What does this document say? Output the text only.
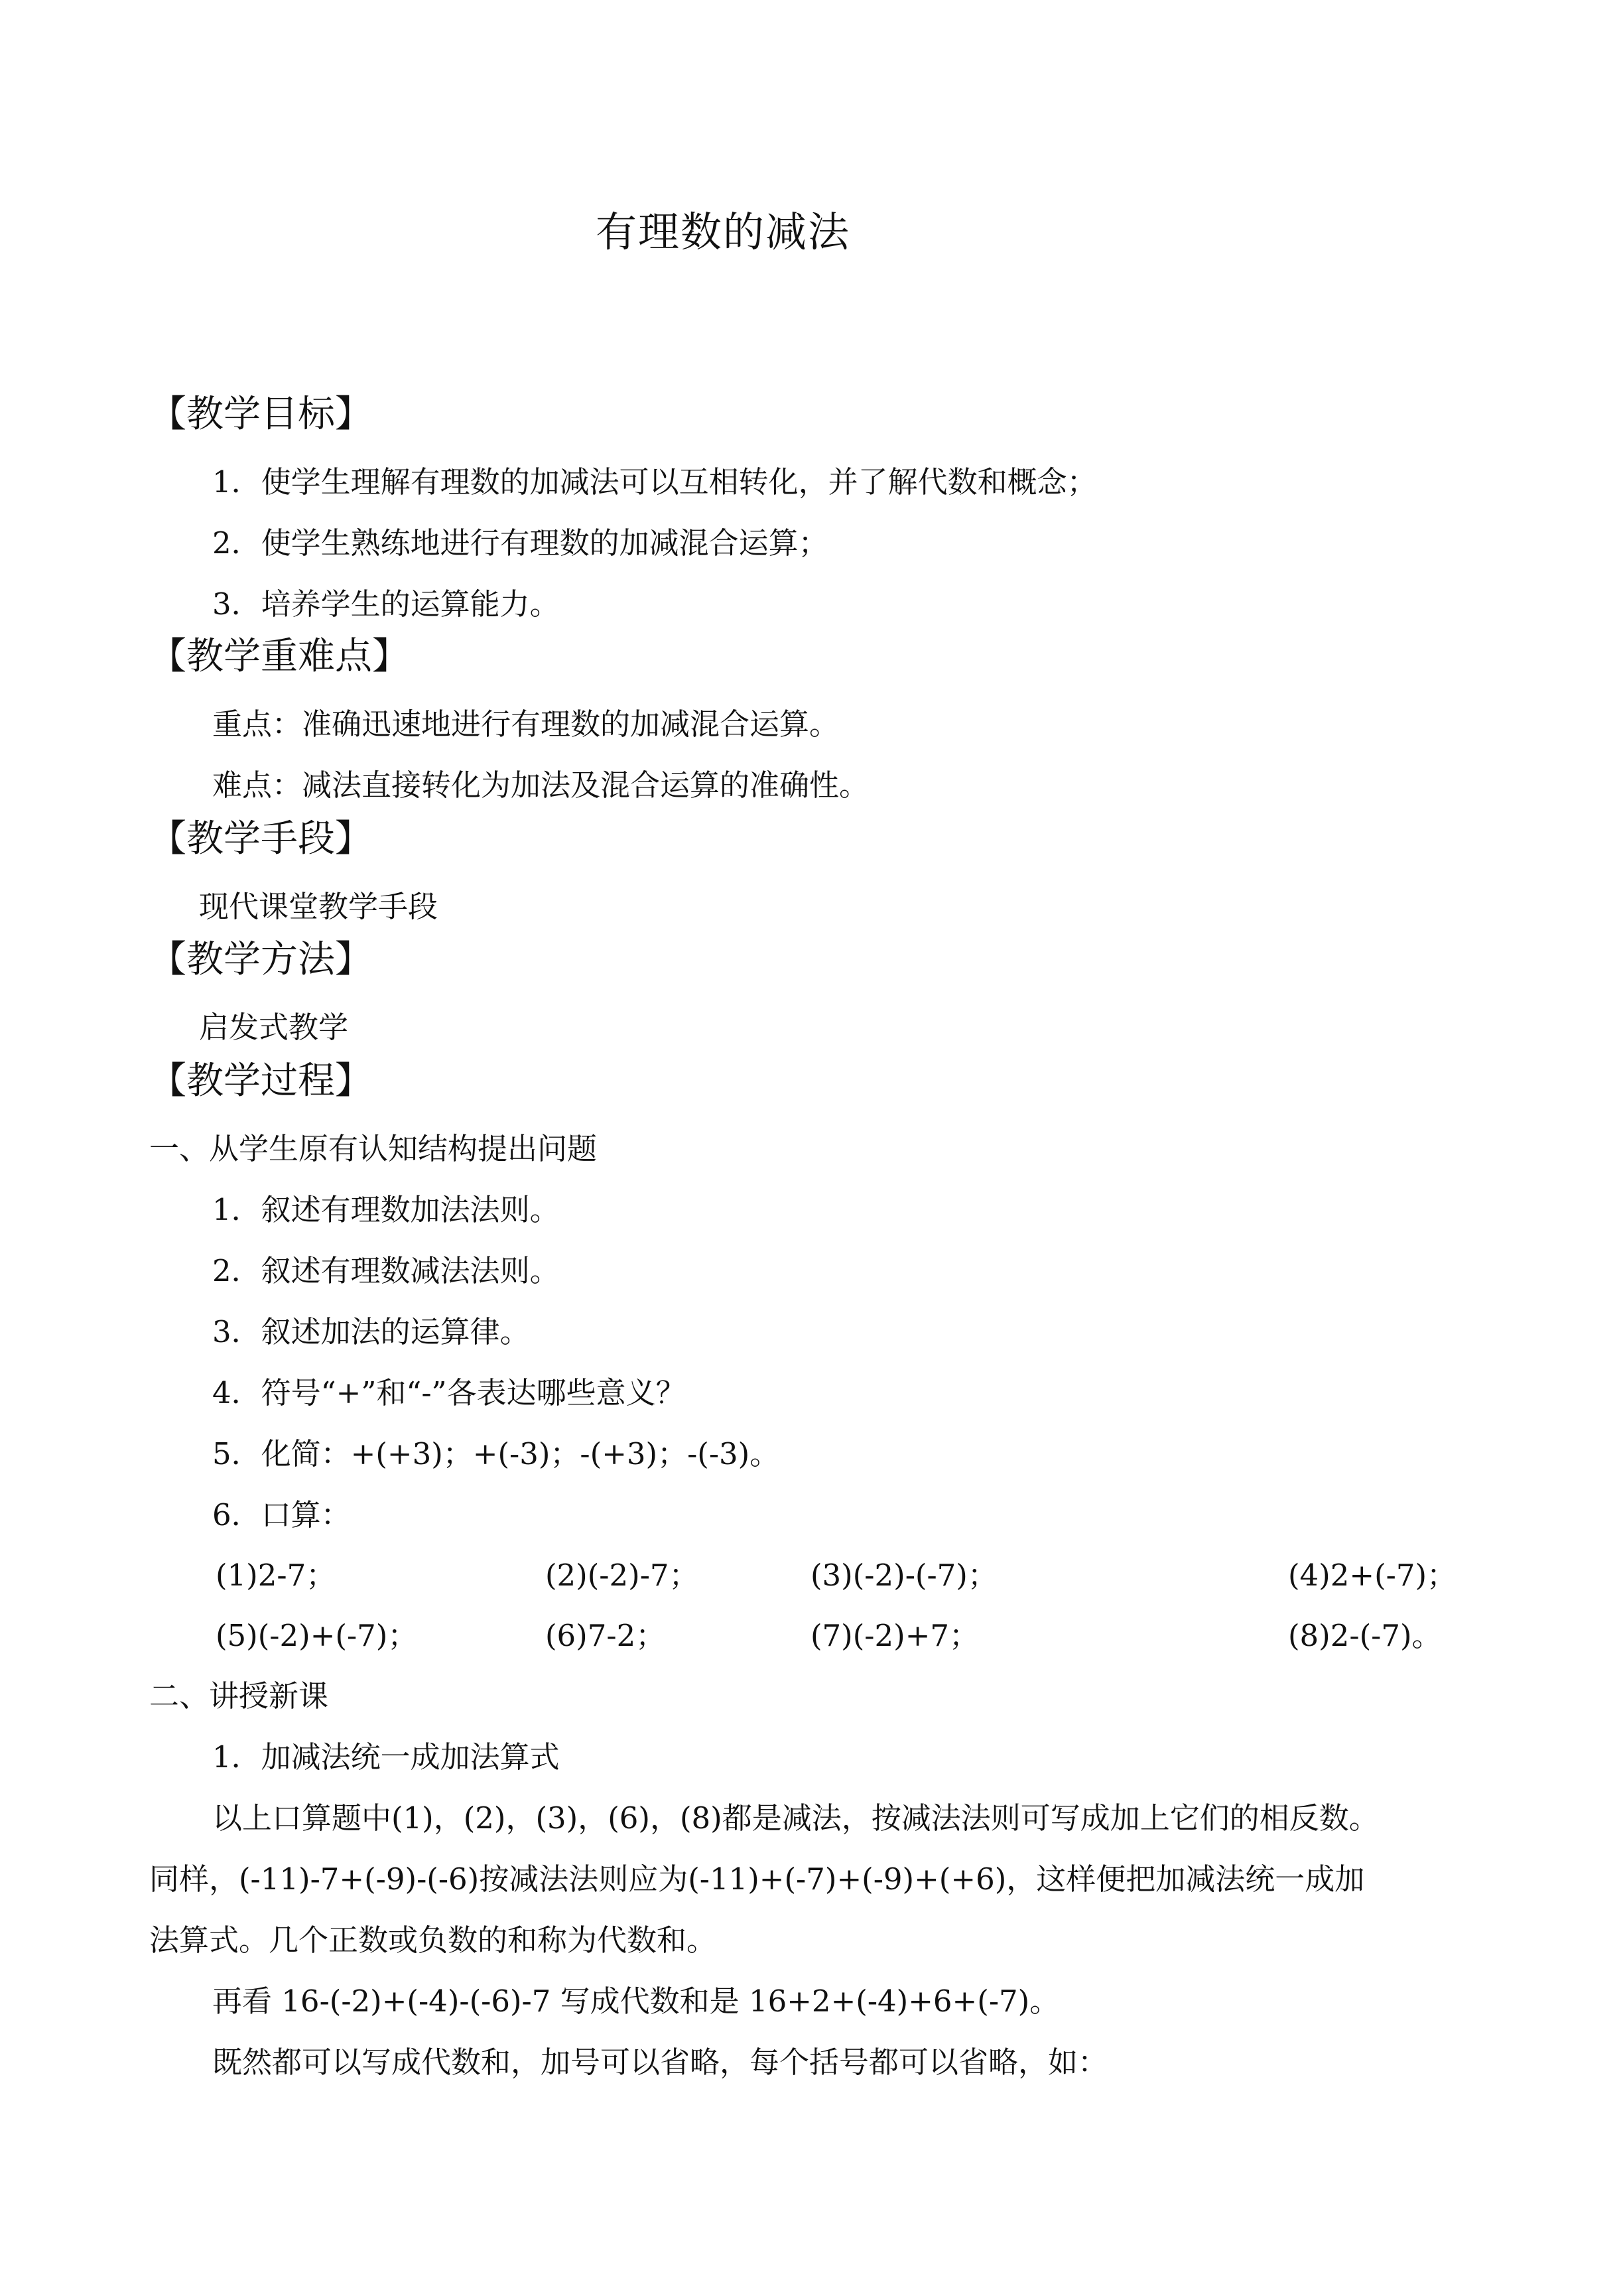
有理数的减法
【教学目标】
1．使学生理解有理数的加减法可以互相转化，并了解代数和概念；
2．使学生熟练地进行有理数的加减混合运算；
3．培养学生的运算能力。
【教学重难点】
重点：准确迅速地进行有理数的加减混合运算。
难点：减法直接转化为加法及混合运算的准确性。
【教学手段】
现代课堂教学手段
【教学方法】
启发式教学
【教学过程】
一、从学生原有认知结构提出问题
1．叙述有理数加法法则。
2．叙述有理数减法法则。
3．叙述加法的运算律。
4．符号“+”和“-”各表达哪些意义？
5．化简：+(+3)；+(-3)；-(+3)；-(-3)。
6．口算：
(1)2-7；	(2)(-2)-7；	(3)(-2)-(-7)；	(4)2+(-7)；
(5)(-2)+(-7)；	(6)7-2；	(7)(-2)+7；	(8)2-(-7)。
二、讲授新课
1．加减法统一成加法算式
以上口算题中(1)，(2)，(3)，(6)，(8)都是减法，按减法法则可写成加上它们的相反数。
同样，(-11)-7+(-9)-(-6)按减法法则应为(-11)+(-7)+(-9)+(+6)，这样便把加减法统一成加
法算式。几个正数或负数的和称为代数和。
再看 16-(-2)+(-4)-(-6)-7 写成代数和是 16+2+(-4)+6+(-7)。
既然都可以写成代数和，加号可以省略，每个括号都可以省略，如：
